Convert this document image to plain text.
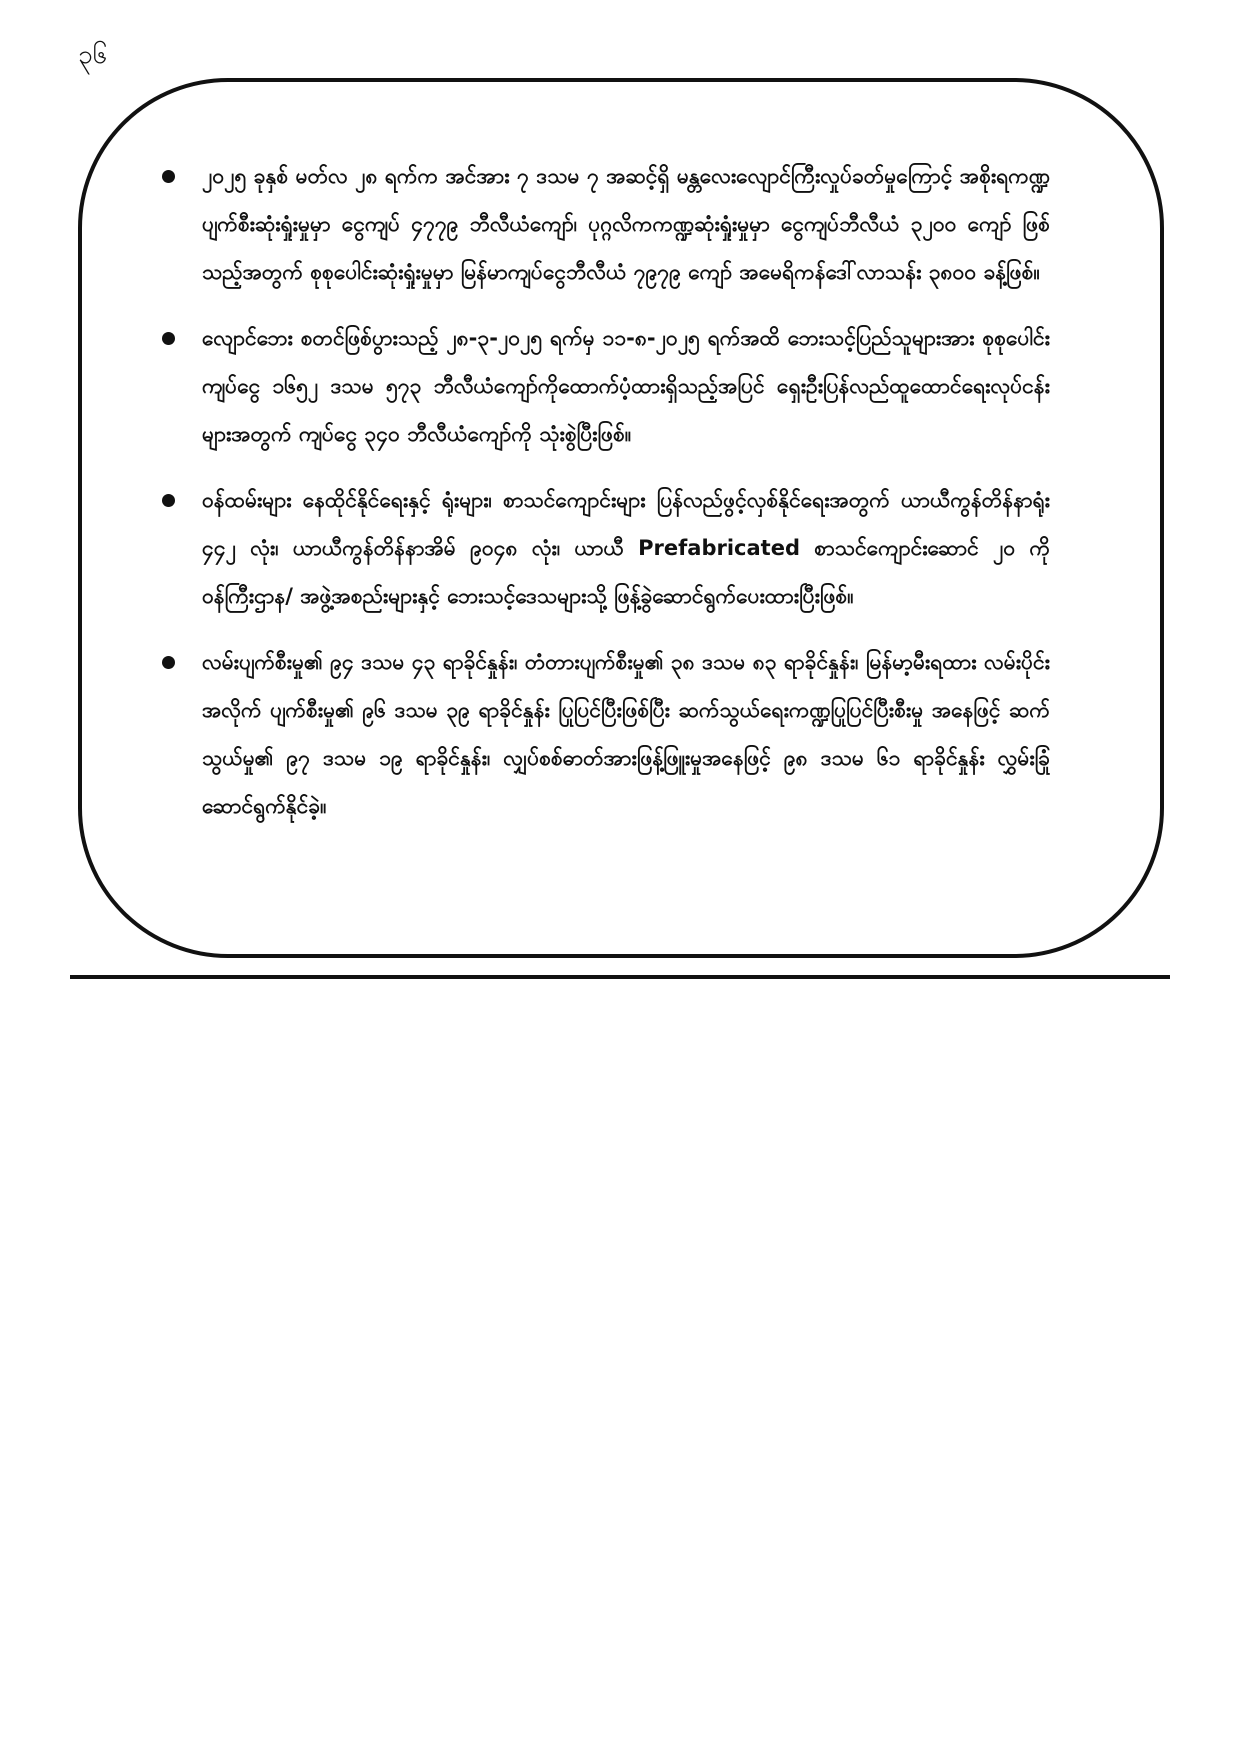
၃၆
၂၀၂၅ ခုနှစ် မတ်လ ၂၈ ရက်က အင်အား ၇ ဒသမ ၇ အဆင့်ရှိ မန္တလေးလျောင်ကြီးလှုပ်ခတ်မှုကြောင့် အစိုးရကဏ္ဍ ပျက်စီးဆုံးရှုံးမှုမှာ ငွေကျပ် ၄၇၇၉ ဘီလီယံကျော်၊ ပုဂ္ဂလိကကဏ္ဍဆုံးရှုံးမှုမှာ ငွေကျပ်ဘီလီယံ ၃၂၀၀ ကျော် ဖြစ်သည့်အတွက် စုစုပေါင်းဆုံးရှုံးမှုမှာ မြန်မာကျပ်ငွေဘီလီယံ ၇၉၇၉ ကျော် အမေရိကန်ဒေါ်လာသန်း ၃၈၀၀ ခန့်ဖြစ်။
လျောင်ဘေး စတင်ဖြစ်ပွားသည့် ၂၈-၃-၂၀၂၅ ရက်မှ ၁၁-၈-၂၀၂၅ ရက်အထိ ဘေးသင့်ပြည်သူများအား စုစုပေါင်း ကျပ်ငွေ ၁၆၅၂ ဒသမ ၅၇၃ ဘီလီယံကျော်ကိုထောက်ပံ့ထားရှိသည့်အပြင် ရှေးဦးပြန်လည်ထူထောင်ရေးလုပ်ငန်း များအတွက် ကျပ်ငွေ ၃၄၀ ဘီလီယံကျော်ကို သုံးစွဲပြီးဖြစ်။
ဝန်ထမ်းများ နေထိုင်နိုင်ရေးနှင့် ရုံးများ၊ စာသင်ကျောင်းများ ပြန်လည်ဖွင့်လှစ်နိုင်ရေးအတွက် ယာယီကွန်တိန်နာရုံး ၄၄၂ လုံး၊ ယာယီကွန်တိန်နာအိမ် ၉၀၄၈ လုံး၊ ယာယီ Prefabricated စာသင်ကျောင်းဆောင် ၂၀ ကို ဝန်ကြီးဌာန/ အဖွဲ့အစည်းများနှင့် ဘေးသင့်ဒေသများသို့ ဖြန့်ခွဲဆောင်ရွက်ပေးထားပြီးဖြစ်။
လမ်းပျက်စီးမှု၏ ၉၄ ဒသမ ၄၃ ရာခိုင်နှုန်း၊ တံတားပျက်စီးမှု၏ ၃၈ ဒသမ ၈၃ ရာခိုင်နှုန်း၊ မြန်မာ့မီးရထား လမ်းပိုင်းအလိုက် ပျက်စီးမှု၏ ၉၆ ဒသမ ၃၉ ရာခိုင်နှုန်း ပြုပြင်ပြီးဖြစ်ပြီး ဆက်သွယ်ရေးကဏ္ဍပြုပြင်ပြီးစီးမှု အနေဖြင့် ဆက်သွယ်မှု၏ ၉၇ ဒသမ ၁၉ ရာခိုင်နှုန်း၊ လျှပ်စစ်ဓာတ်အားဖြန့်ဖြူးမှုအနေဖြင့် ၉၈ ဒသမ ၆၁ ရာခိုင်နှုန်း လွှမ်းခြုံဆောင်ရွက်နိုင်ခဲ့။
